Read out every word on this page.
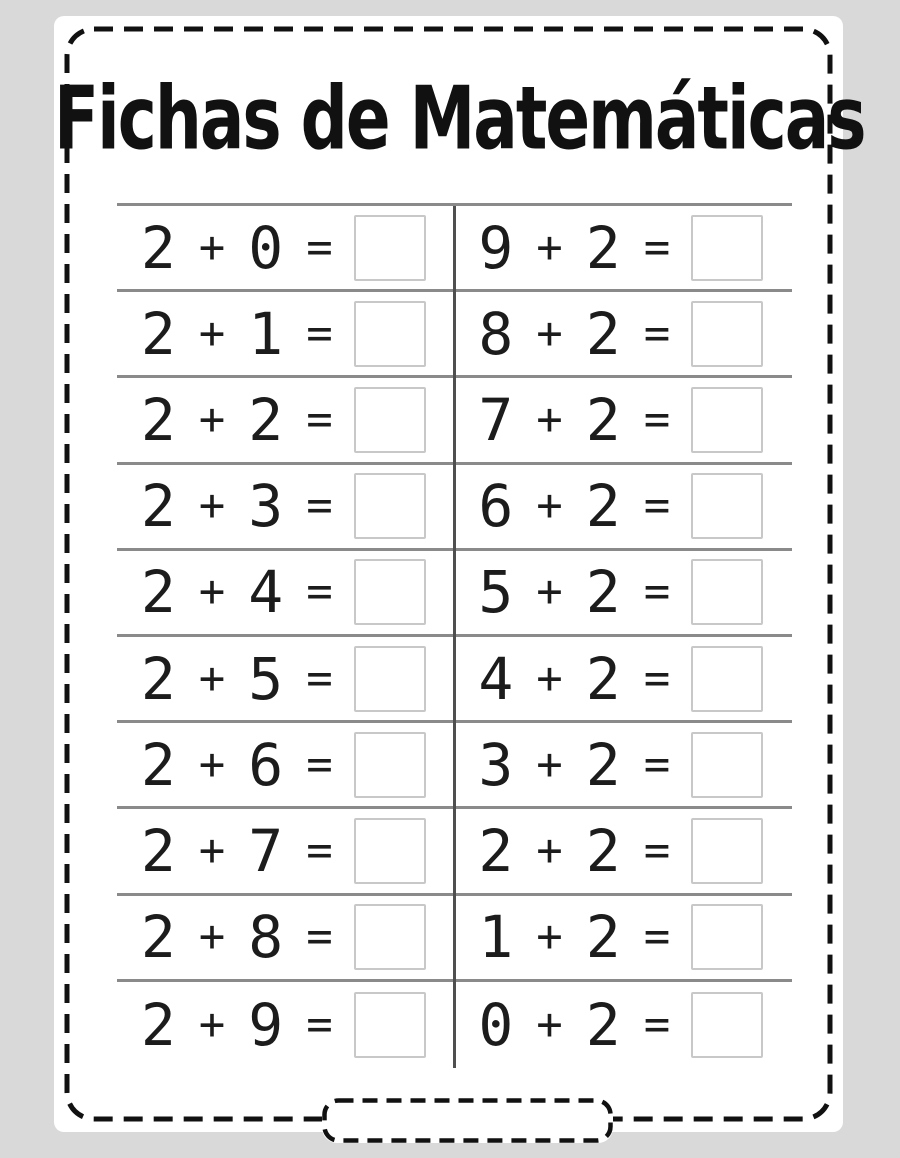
Fichas de Matemáticas
2 + 0 =	9 + 2 =
2 + 1 =	8 + 2 =
2 + 2 =	7 + 2 =
2 + 3 =	6 + 2 =
2 + 4 =	5 + 2 =
2 + 5 =	4 + 2 =
2 + 6 =	3 + 2 =
2 + 7 =	2 + 2 =
2 + 8 =	1 + 2 =
2 + 9 =	0 + 2 =
